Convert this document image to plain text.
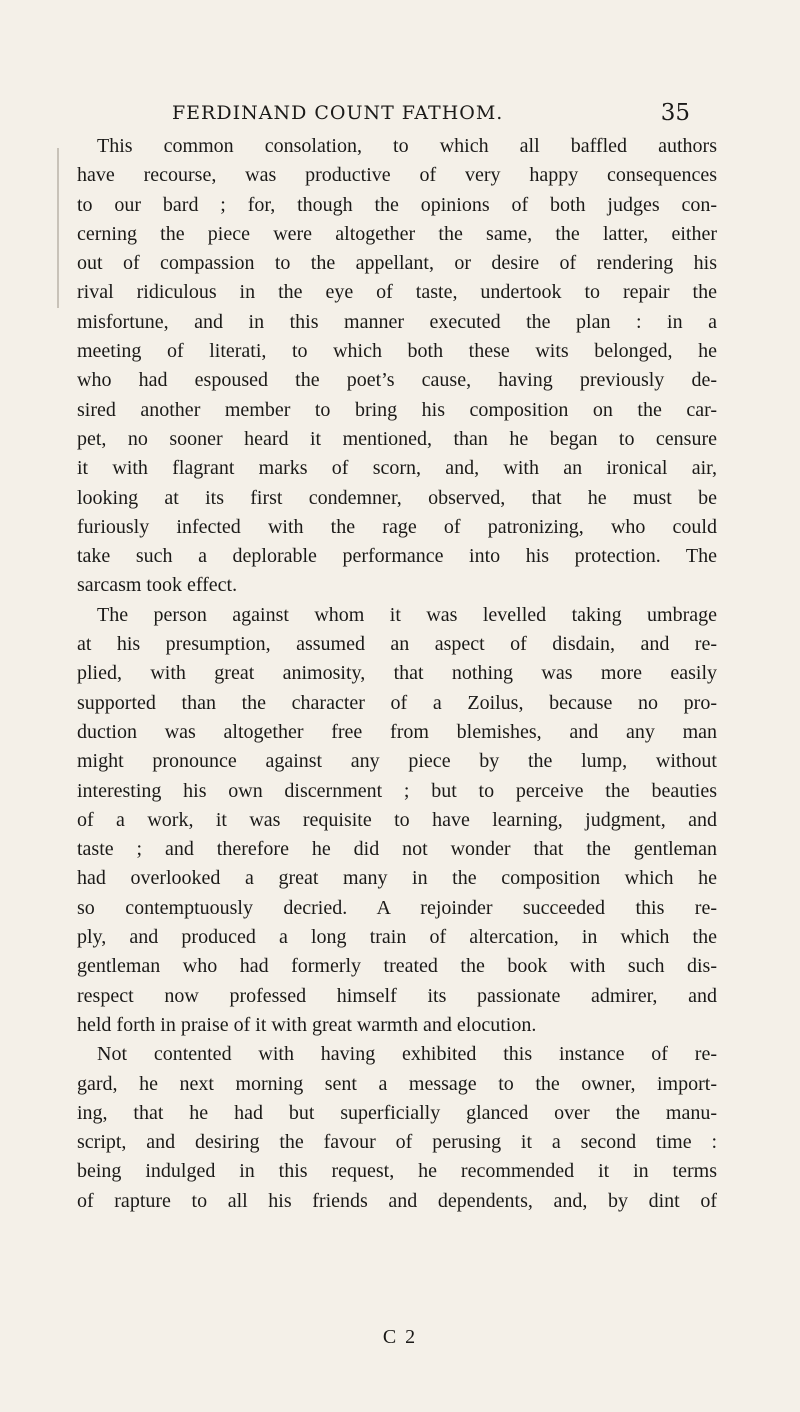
FERDINAND COUNT FATHOM.	35
This common consolation, to which all baffled authors
have recourse, was productive of very happy consequences
to our bard ; for, though the opinions of both judges con-
cerning the piece were altogether the same, the latter, either
out of compassion to the appellant, or desire of rendering his
rival ridiculous in the eye of taste, undertook to repair the
misfortune, and in this manner executed the plan : in a
meeting of literati, to which both these wits belonged, he
who had espoused the poet’s cause, having previously de-
sired another member to bring his composition on the car-
pet, no sooner heard it mentioned, than he began to censure
it with flagrant marks of scorn, and, with an ironical air,
looking at its first condemner, observed, that he must be
furiously infected with the rage of patronizing, who could
take such a deplorable performance into his protection. The
sarcasm took effect.
The person against whom it was levelled taking umbrage
at his presumption, assumed an aspect of disdain, and re-
plied, with great animosity, that nothing was more easily
supported than the character of a Zoilus, because no pro-
duction was altogether free from blemishes, and any man
might pronounce against any piece by the lump, without
interesting his own discernment ; but to perceive the beauties
of a work, it was requisite to have learning, judgment, and
taste ; and therefore he did not wonder that the gentleman
had overlooked a great many in the composition which he
so contemptuously decried. A rejoinder succeeded this re-
ply, and produced a long train of altercation, in which the
gentleman who had formerly treated the book with such dis-
respect now professed himself its passionate admirer, and
held forth in praise of it with great warmth and elocution.
Not contented with having exhibited this instance of re-
gard, he next morning sent a message to the owner, import-
ing, that he had but superficially glanced over the manu-
script, and desiring the favour of perusing it a second time :
being indulged in this request, he recommended it in terms
of rapture to all his friends and dependents, and, by dint of
C 2
